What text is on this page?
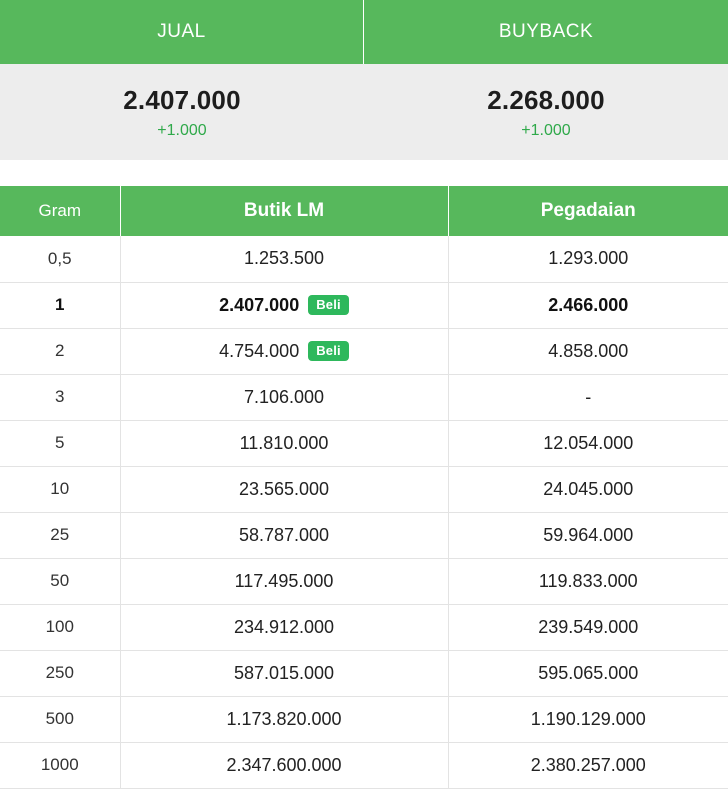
JUAL	BUYBACK
2.407.000
+1.000
2.268.000
+1.000
Gram	Butik LM	Pegadaian
0,5	1.253.500	1.293.000
1	2.407.000 Beli	2.466.000
2	4.754.000 Beli	4.858.000
3	7.106.000	-
5	11.810.000	12.054.000
10	23.565.000	24.045.000
25	58.787.000	59.964.000
50	117.495.000	119.833.000
100	234.912.000	239.549.000
250	587.015.000	595.065.000
500	1.173.820.000	1.190.129.000
1000	2.347.600.000	2.380.257.000
